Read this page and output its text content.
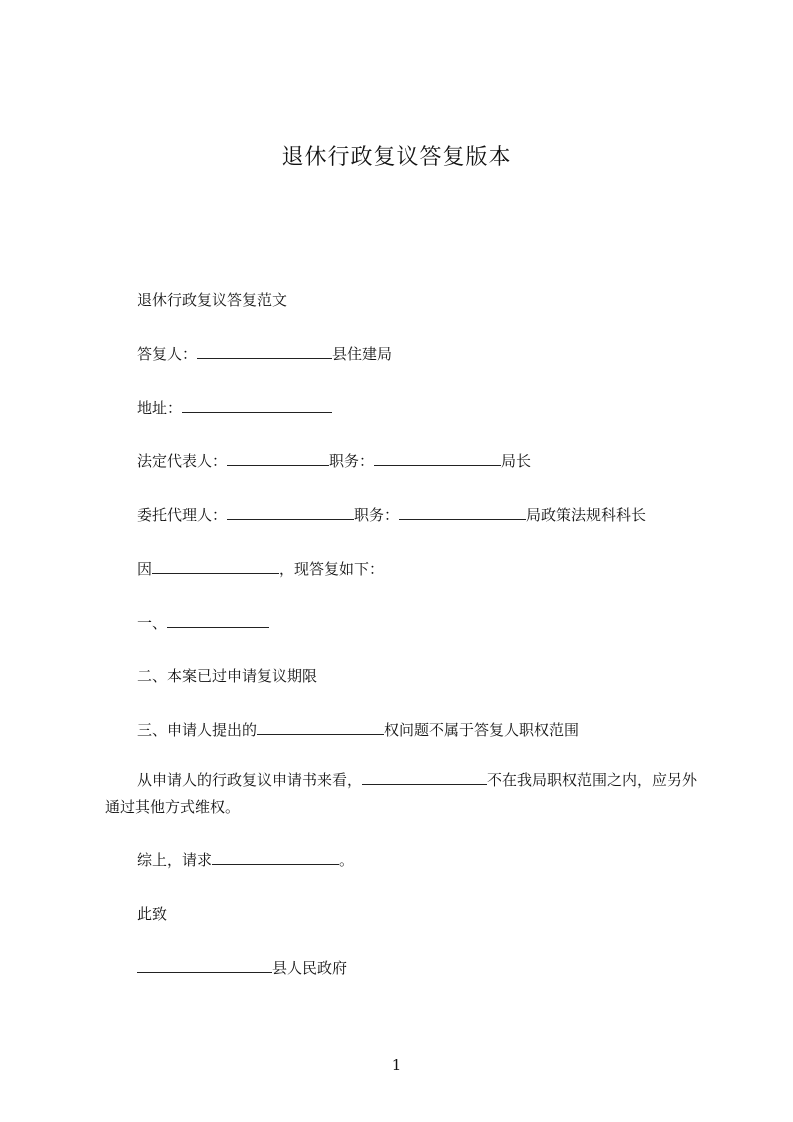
退休行政复议答复版本

退休行政复议答复范文

答复人：	县住建局

地址：

法定代表人：	职务：	局长

委托代理人：	职务：	局政策法规科科长

因	，现答复如下：

一、

二、本案已过申请复议期限

三、申请人提出的	权问题不属于答复人职权范围

从申请人的行政复议申请书来看，	不在我局职权范围之内，应另外通过其他方式维权。

综上，请求	。

此致

县人民政府

1
